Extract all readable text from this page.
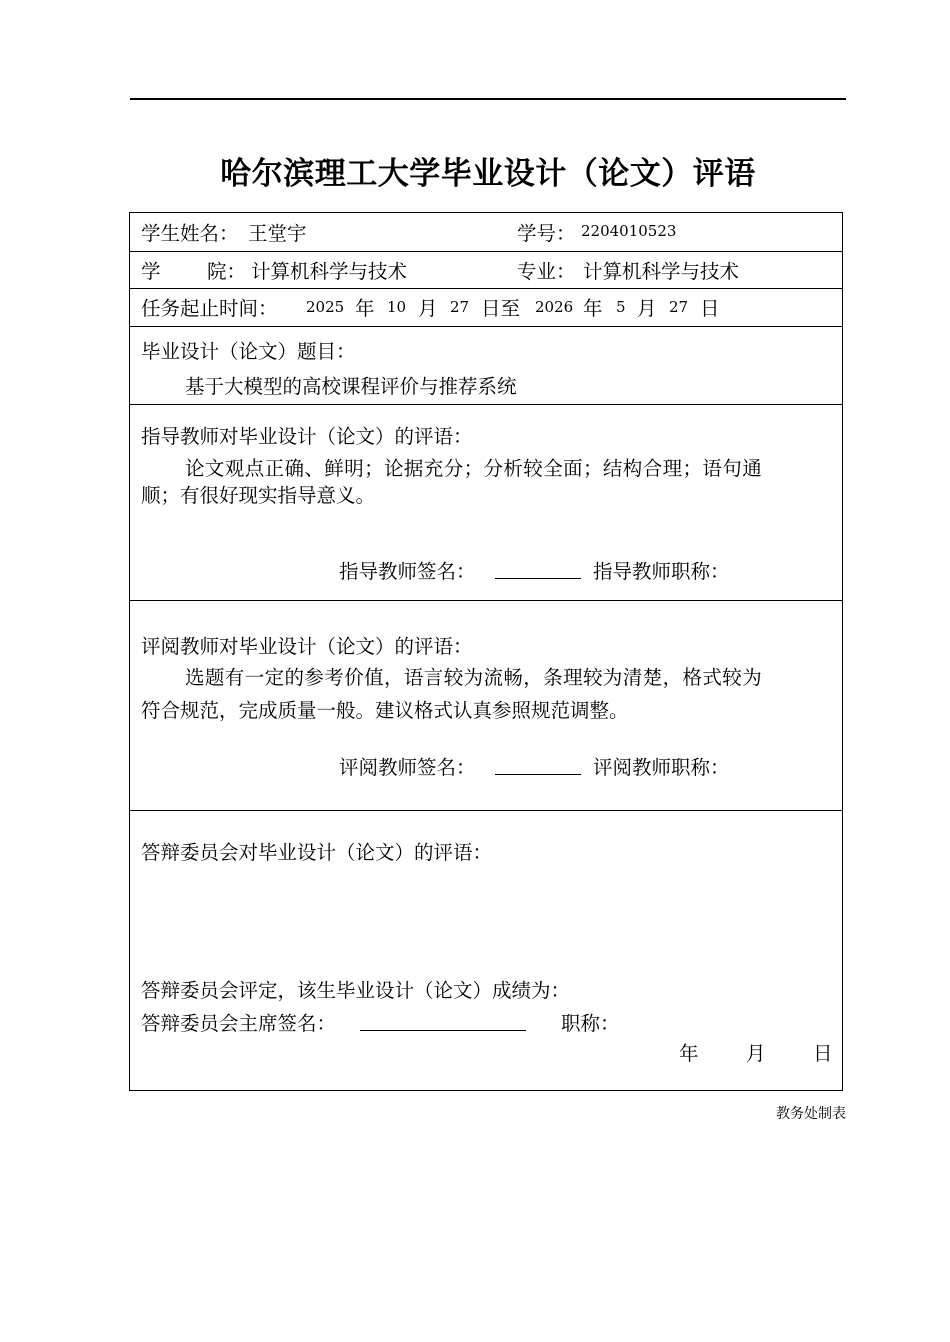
哈尔滨理工大学毕业设计（论文）评语
学生姓名： 王堂宇	学号： 2204010523
学 院： 计算机科学与技术	专业： 计算机科学与技术
任务起止时间： 2025 年 10 月 27 日至 2026 年 5 月 27 日
毕业设计（论文）题目：
基于大模型的高校课程评价与推荐系统
指导教师对毕业设计（论文）的评语：
论文观点正确、鲜明；论据充分；分析较全面；结构合理；语句通
顺；有很好现实指导意义。
指导教师签名：	指导教师职称：
评阅教师对毕业设计（论文）的评语：
选题有一定的参考价值，语言较为流畅，条理较为清楚，格式较为
符合规范，完成质量一般。建议格式认真参照规范调整。
评阅教师签名：	评阅教师职称：
答辩委员会对毕业设计（论文）的评语：
答辩委员会评定，该生毕业设计（论文）成绩为：
答辩委员会主席签名：	职称：
年 月 日
教务处制表
